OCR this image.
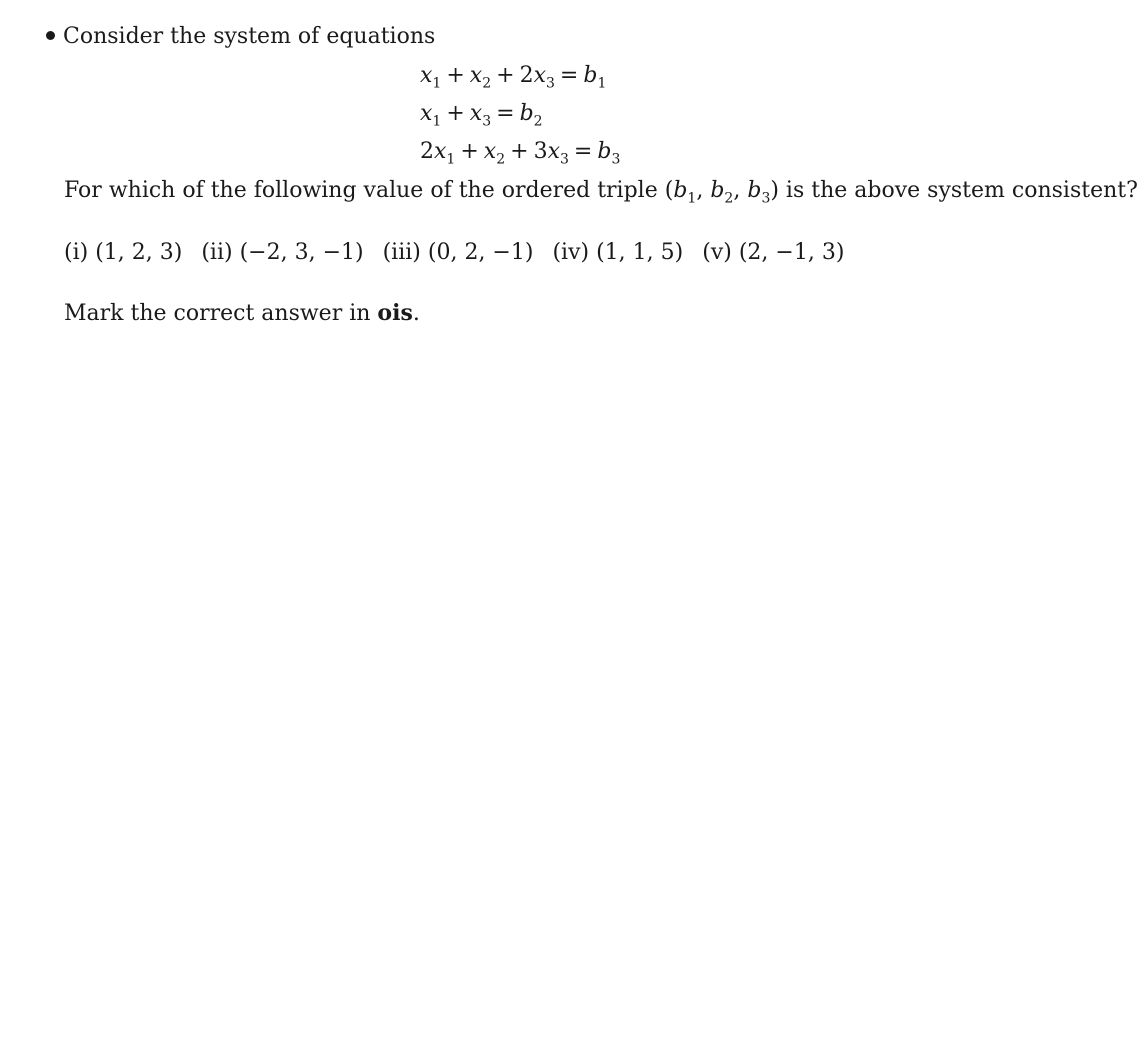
Consider the system of equations
$x_1 + x_2 + 2x_3 = b_1$
$x_1 + x_3 = b_2$
$2x_1 + x_2 + 3x_3 = b_3$
For which of the following value of the ordered triple ($b_1$, $b_2$, $b_3$) is the above system consistent?
(i) (1, 2, 3) (ii) (−2, 3, −1) (iii) (0, 2, −1) (iv) (1, 1, 5) (v) (2, −1, 3)
Mark the correct answer in ois.
